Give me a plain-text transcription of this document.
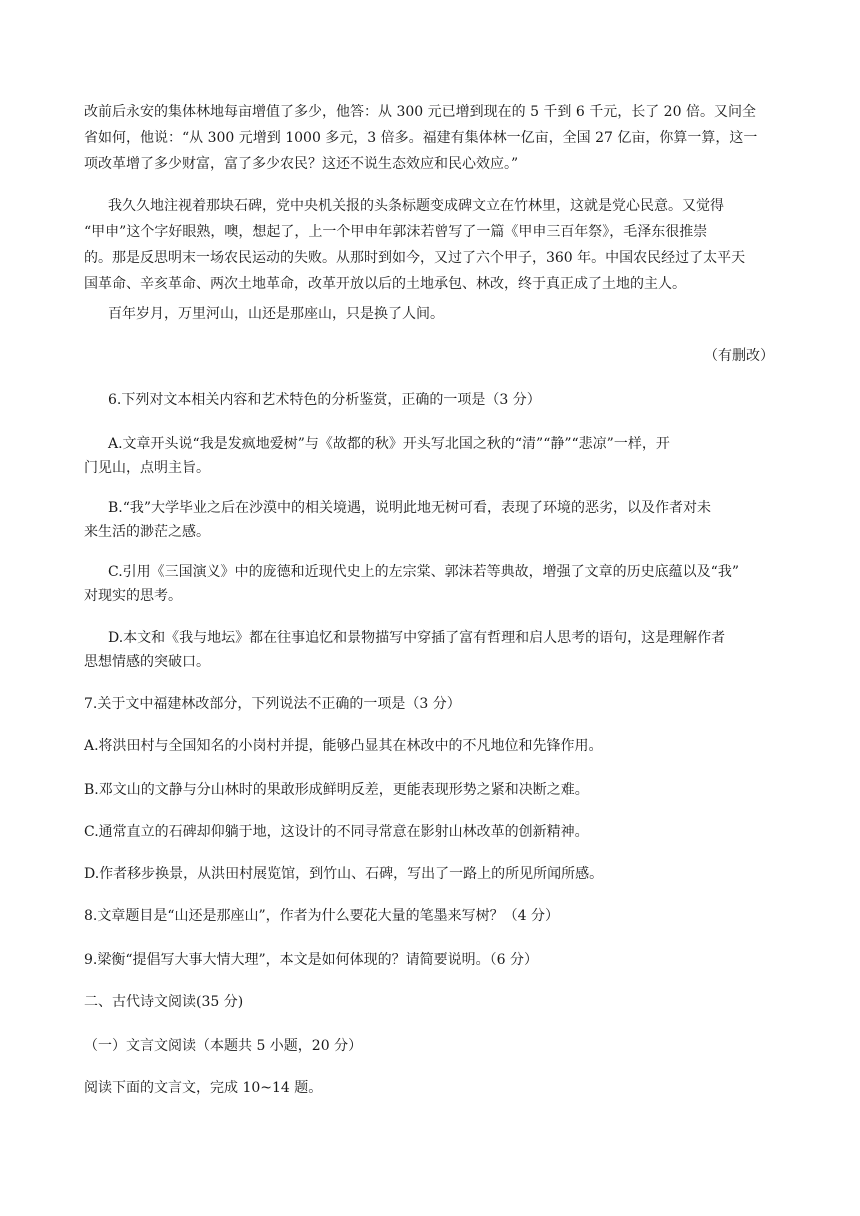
改前后永安的集体林地每亩增值了多少，他答：从 300 元已增到现在的 5 千到 6 千元，长了 20 倍。又问全
省如何，他说：“从 300 元增到 1000 多元，3 倍多。福建有集体林一亿亩，全国 27 亿亩，你算一算，这一
项改革增了多少财富，富了多少农民？这还不说生态效应和民心效应。”
我久久地注视着那块石碑，党中央机关报的头条标题变成碑文立在竹林里，这就是党心民意。又觉得
“甲申”这个字好眼熟，噢，想起了，上一个甲申年郭沫若曾写了一篇《甲申三百年祭》，毛泽东很推崇
的。那是反思明末一场农民运动的失败。从那时到如今，又过了六个甲子，360 年。中国农民经过了太平天
国革命、辛亥革命、两次土地革命，改革开放以后的土地承包、林改，终于真正成了土地的主人。
百年岁月，万里河山，山还是那座山，只是换了人间。
（有删改）
6.下列对文本相关内容和艺术特色的分析鉴赏，正确的一项是（3 分）
A.文章开头说“我是发疯地爱树”与《故都的秋》开头写北国之秋的“清”“静”“悲凉”一样，开
门见山，点明主旨。
B.“我”大学毕业之后在沙漠中的相关境遇，说明此地无树可看，表现了环境的恶劣，以及作者对未
来生活的渺茫之感。
C.引用《三国演义》中的庞德和近现代史上的左宗棠、郭沫若等典故，增强了文章的历史底蕴以及“我”
对现实的思考。
D.本文和《我与地坛》都在往事追忆和景物描写中穿插了富有哲理和启人思考的语句，这是理解作者
思想情感的突破口。
7.关于文中福建林改部分，下列说法不正确的一项是（3 分）
A.将洪田村与全国知名的小岗村并提，能够凸显其在林改中的不凡地位和先锋作用。
B.邓文山的文静与分山林时的果敢形成鲜明反差，更能表现形势之紧和决断之难。
C.通常直立的石碑却仰躺于地，这设计的不同寻常意在影射山林改革的创新精神。
D.作者移步换景，从洪田村展览馆，到竹山、石碑，写出了一路上的所见所闻所感。
8.文章题目是“山还是那座山”，作者为什么要花大量的笔墨来写树？（4 分）
9.梁衡“提倡写大事大情大理”，本文是如何体现的？请简要说明。（6 分）
二、古代诗文阅读(35 分)
（一）文言文阅读（本题共 5 小题，20 分）
阅读下面的文言文，完成 10~14 题。
